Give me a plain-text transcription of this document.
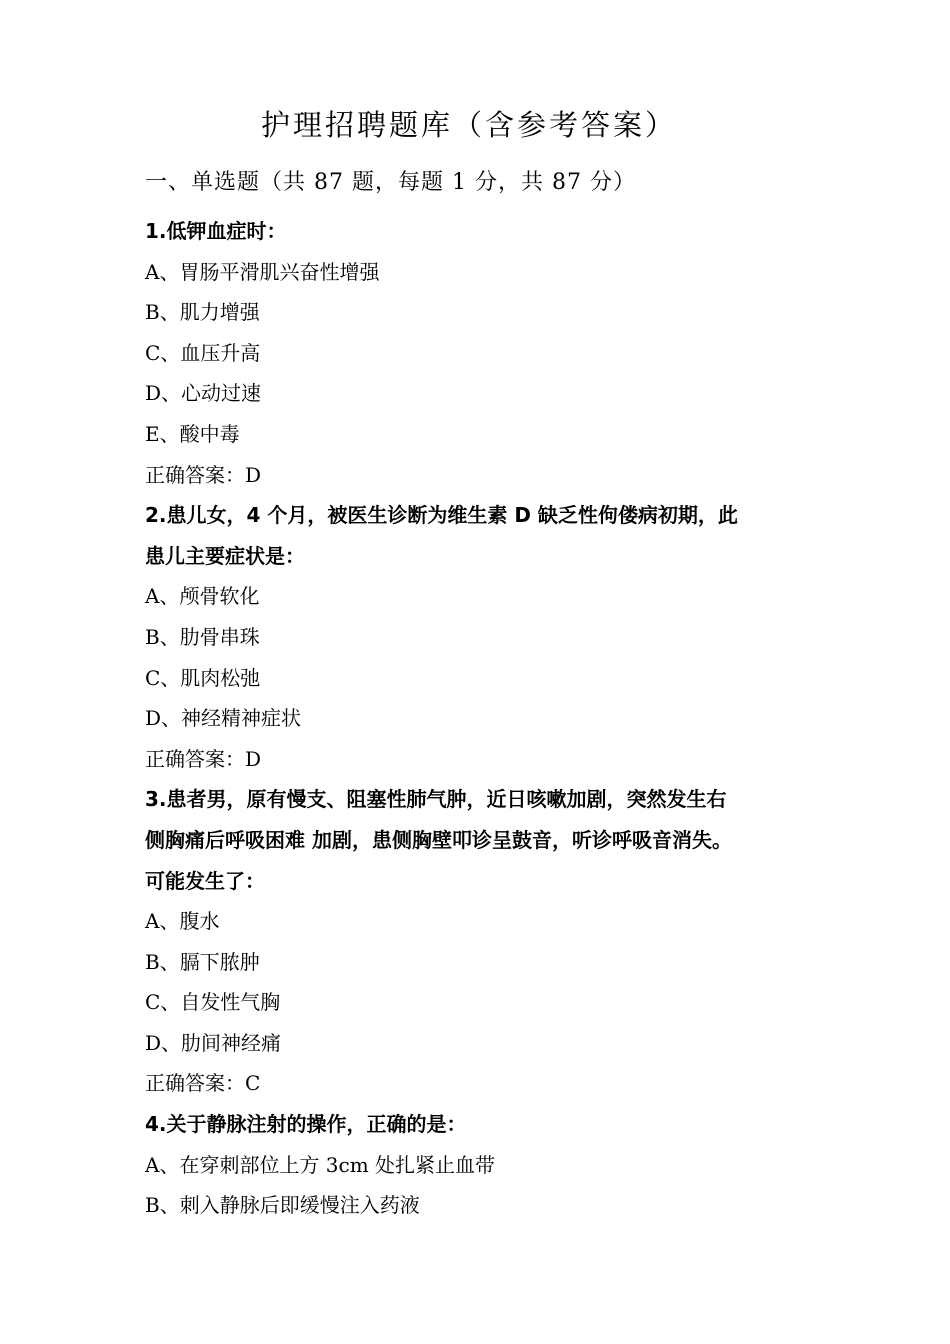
护理招聘题库（含参考答案）
一、单选题（共 87 题，每题 1 分，共 87 分）
1.低钾血症时：
A、胃肠平滑肌兴奋性增强
B、肌力增强
C、血压升高
D、心动过速
E、酸中毒
正确答案：D
2.患儿女，4 个月，被医生诊断为维生素 D 缺乏性佝偻病初期，此
患儿主要症状是：
A、颅骨软化
B、肋骨串珠
C、肌肉松弛
D、神经精神症状
正确答案：D
3.患者男，原有慢支、阻塞性肺气肿，近日咳嗽加剧，突然发生右
侧胸痛后呼吸困难 加剧，患侧胸壁叩诊呈鼓音，听诊呼吸音消失。
可能发生了：
A、腹水
B、膈下脓肿
C、自发性气胸
D、肋间神经痛
正确答案：C
4.关于静脉注射的操作，正确的是：
A、在穿刺部位上方 3cm 处扎紧止血带
B、刺入静脉后即缓慢注入药液
